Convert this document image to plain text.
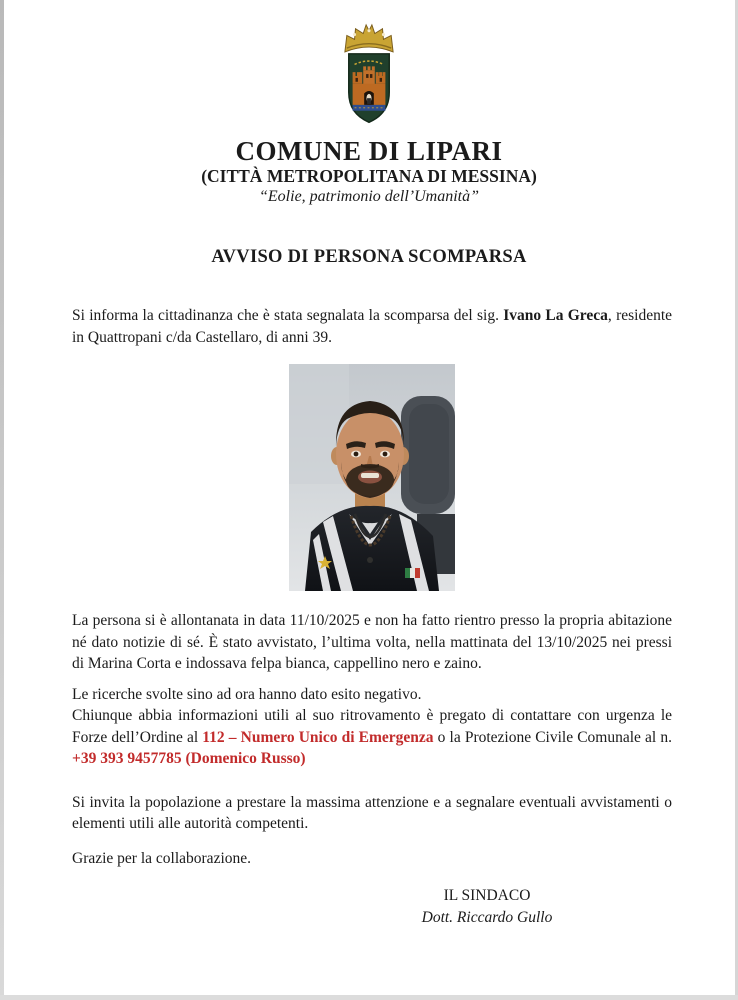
COMUNE DI LIPARI
(CITTÀ METROPOLITANA DI MESSINA)
“Eolie, patrimonio dell’Umanità”
AVVISO DI PERSONA SCOMPARSA

Si informa la cittadinanza che è stata segnalata la scomparsa del sig. Ivano La Greca, residente in Quattropani c/da Castellaro, di anni 39.

La persona si è allontanata in data 11/10/2025 e non ha fatto rientro presso la propria abitazione né dato notizie di sé. È stato avvistato, l’ultima volta, nella mattinata del 13/10/2025 nei pressi di Marina Corta e indossava felpa bianca, cappellino nero e zaino.

Le ricerche svolte sino ad ora hanno dato esito negativo.
Chiunque abbia informazioni utili al suo ritrovamento è pregato di contattare con urgenza le Forze dell’Ordine al 112 – Numero Unico di Emergenza o la Protezione Civile Comunale al n. +39 393 9457785 (Domenico Russo)

Si invita la popolazione a prestare la massima attenzione e a segnalare eventuali avvistamenti o elementi utili alle autorità competenti.

Grazie per la collaborazione.

IL SINDACO
Dott. Riccardo Gullo
